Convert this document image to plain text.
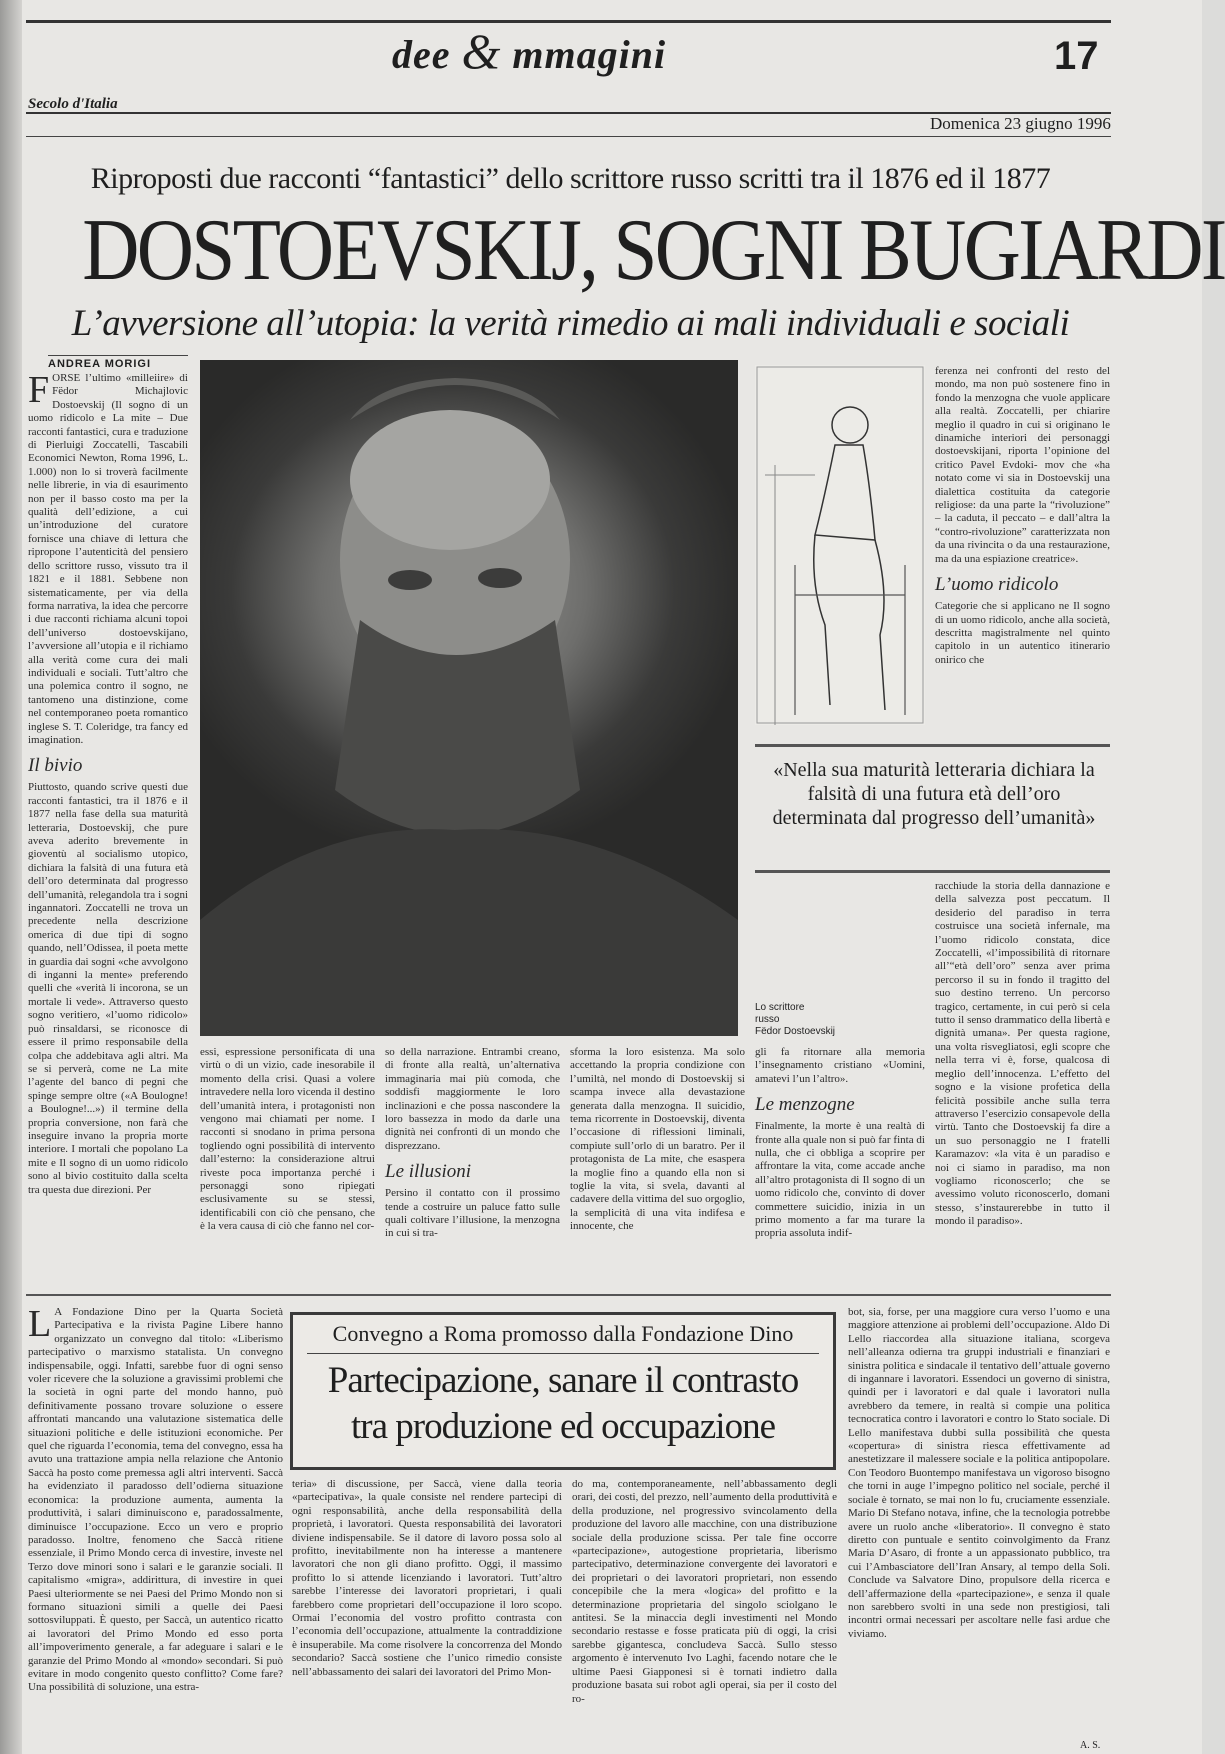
dee & mmagini	17
Secolo d'Italia
Domenica 23 giugno 1996
Riproposti due racconti “fantastici” dello scrittore russo scritti tra il 1876 ed il 1877
DOSTOEVSKIJ, SOGNI BUGIARDI
L’avversione all’utopia: la verità rimedio ai mali individuali e sociali
ANDREA MORIGI

FORSE l’ultimo «milleiire» di Fëdor Michajlovic Dostoevskij (Il sogno di un uomo ridicolo e La mite – Due racconti fantastici, cura e traduzione di Pierluigi Zoccatelli, Tascabili Economici Newton, Roma 1996, L. 1.000) non lo si troverà facilmente nelle librerie, in via di esaurimento non per il basso costo ma per la qualità dell’edizione, a cui un’introduzione del curatore fornisce una chiave di lettura che ripropone l’autenticità del pensiero dello scrittore russo, vissuto tra il 1821 e il 1881. Sebbene non sistematicamente, per via della forma narrativa, la idea che percorre i due racconti richiama alcuni topoi dell’universo dostoevskijano, l’avversione all’utopia e il richiamo alla verità come cura dei mali individuali e sociali. Tutt’altro che una polemica contro il sogno, ne tantomeno una distinzione, come nel contemporaneo poeta romantico inglese S. T. Coleridge, tra fancy ed imagination.

Il bivio

Piuttosto, quando scrive questi due racconti fantastici, tra il 1876 e il 1877 nella fase della sua maturità letteraria, Dostoevskij, che pure aveva aderito brevemente in gioventù al socialismo utopico, dichiara la falsità di una futura età dell’oro determinata dal progresso dell’umanità, relegandola tra i sogni ingannatori. Zoccatelli ne trova un precedente nella descrizione omerica di due tipi di sogno quando, nell’Odissea, il poeta mette in guardia dai sogni «che avvolgono di inganni la mente» preferendo quelli che «verità li incorona, se un mortale li vede». Attraverso questo sogno veritiero, «l’uomo ridicolo» può rinsaldarsi, se riconosce di essere il primo responsabile della colpa che addebitava agli altri. Ma se si perverà, come ne La mite l’agente del banco di pegni che spinge sempre oltre («A Boulogne! a Boulogne!...») il termine della propria conversione, non farà che inseguire invano la propria morte interiore. I mortali che popolano La mite e Il sogno di un uomo ridicolo sono al bivio costituito dalla scelta tra questa due direzioni. Per

ferenza nei confronti del resto del mondo, ma non può sostenere fino in fondo la menzogna che vuole applicare alla realtà. Zoccatelli, per chiarire meglio il quadro in cui si originano le dinamiche interiori dei personaggi dostoevskijani, riporta l’opinione del critico Pavel Evdoki- mov che «ha notato come vi sia in Dostoevskij una dialettica costituita da categorie religiose: da una parte la “rivoluzione” – la caduta, il peccato – e dall’altra la “contro-rivoluzione” caratterizzata non da una rivincita o da una restaurazione, ma da una espiazione creatrice».

L’uomo ridicolo

Categorie che si applicano ne Il sogno di un uomo ridicolo, anche alla società, descritta magistralmente nel quinto capitolo in un autentico itinerario onirico che

«Nella sua maturità letteraria dichiara la falsità di una futura età dell’oro determinata dal progresso dell’umanità»
Lo scrittore
russo
Fëdor Dostoevskij
racchiude la storia della dannazione e della salvezza post peccatum. Il desiderio del paradiso in terra costruisce una società infernale, ma l’uomo ridicolo constata, dice Zoccatelli, «l’impossibilità di ritornare all’“età dell’oro” senza aver prima percorso il su in fondo il tragitto del suo destino terreno. Un percorso tragico, certamente, in cui però si cela tutto il senso drammatico della libertà e dignità umana». Per questa ragione, una volta risvegliatosi, egli scopre che nella terra vi è, forse, qualcosa di meglio dell’innocenza. L’effetto del sogno e la visione profetica della felicità possibile anche sulla terra attraverso l’esercizio consapevole della virtù. Tanto che Dostoevskij fa dire a un suo personaggio ne I fratelli Karamazov: «la vita è un paradiso e noi ci siamo in paradiso, ma non vogliamo riconoscerlo; che se avessimo voluto riconoscerlo, domani stesso, s’instaurerebbe in tutto il mondo il paradiso».
essi, espressione personificata di una virtù o di un vizio, cade inesorabile il momento della crisi. Quasi a volere intravedere nella loro vicenda il destino dell’umanità intera, i protagonisti non vengono mai chiamati per nome. I racconti si snodano in prima persona togliendo ogni possibilità di intervento dall’esterno: la considerazione altrui riveste poca importanza perché i personaggi sono ripiegati esclusivamente su se stessi, identificabili con ciò che pensano, che è la vera causa di ciò che fanno nel cor-

so della narrazione. Entrambi creano, di fronte alla realtà, un’alternativa immaginaria mai più comoda, che soddisfi maggiormente le loro inclinazioni e che possa nascondere la loro bassezza in modo da darle una dignità nei confronti di un mondo che disprezzano.

Le illusioni

Persino il contatto con il prossimo tende a costruire un paluce fatto sulle quali coltivare l’illusione, la menzogna in cui si tra-

sforma la loro esistenza. Ma solo accettando la propria condizione con l’umiltà, nel mondo di Dostoevskij si scampa invece alla devastazione generata dalla menzogna. Il suicidio, tema ricorrente in Dostoevskij, diventa l’occasione di riflessioni liminali, compiute sull’orlo di un baratro. Per il protagonista de La mite, che esaspera la moglie fino a quando ella non si toglie la vita, si svela, davanti al cadavere della vittima del suo orgoglio, la semplicità di una vita indifesa e innocente, che

gli fa ritornare alla memoria l’insegnamento cristiano «Uomini, amatevi l’un l’altro».

Le menzogne

Finalmente, la morte è una realtà di fronte alla quale non si può far finta di nulla, che ci obbliga a scoprire per affrontare la vita, come accade anche all’altro protagonista di Il sogno di un uomo ridicolo che, convinto di dover commettere suicidio, inizia in un primo momento a far ma turare la propria assoluta indif-

L A Fondazione Dino per la Quarta Società Partecipativa e la rivista Pagine Libere hanno organizzato un convegno dal titolo: «Liberismo partecipativo o marxismo statalista. Un convegno indispensabile, oggi. Infatti, sarebbe fuor di ogni senso voler ricevere che la soluzione a gravissimi problemi che la società in ogni parte del mondo hanno, può definitivamente possano trovare soluzione o essere affrontati mancando una valutazione sistematica delle situazioni politiche e delle istituzioni economiche. Per quel che riguarda l’economia, tema del convegno, essa ha avuto una trattazione ampia nella relazione che Antonio Saccà ha posto come premessa agli altri interventi. Saccà ha evidenziato il paradosso dell’odierna situazione economica: la produzione aumenta, aumenta la produttività, i salari diminuiscono e, paradossalmente, diminuisce l’occupazione. Ecco un vero e proprio paradosso. Inoltre, fenomeno che Saccà ritiene essenziale, il Primo Mondo cerca di investire, investe nel Terzo dove minori sono i salari e le garanzie sociali. Il capitalismo «migra», addirittura, di investire in quei Paesi ulteriormente se nei Paesi del Primo Mondo non si formano situazioni simili a quelle dei Paesi sottosviluppati. È questo, per Saccà, un autentico ricatto ai lavoratori del Primo Mondo ed esso porta all’impoverimento generale, a far adeguare i salari e le garanzie del Primo Mondo al «mondo» secondari. Si può evitare in modo congenito questo conflitto? Come fare? Una possibilità di soluzione, una estra-

Convegno a Roma promosso dalla Fondazione Dino
Partecipazione, sanare il contrasto
tra produzione ed occupazione
teria» di discussione, per Saccà, viene dalla teoria «partecipativa», la quale consiste nel rendere partecipi di ogni responsabilità, anche della responsabilità della proprietà, i lavoratori. Questa responsabilità dei lavoratori diviene indispensabile. Se il datore di lavoro possa solo al profitto, inevitabilmente non ha interesse a mantenere lavoratori che non gli diano profitto. Oggi, il massimo profitto lo si attende licenziando i lavoratori. Tutt’altro sarebbe l’interesse dei lavoratori proprietari, i quali farebbero come proprietari dell’occupazione il loro scopo. Ormai l’economia del vostro profitto contrasta con l’economia dell’occupazione, attualmente la contraddizione è insuperabile. Ma come risolvere la concorrenza del Mondo secondario? Saccà sostiene che l’unico rimedio consiste nell’abbassamento dei salari dei lavoratori del Primo Mon-
do ma, contemporaneamente, nell’abbassamento degli orari, dei costi, del prezzo, nell’aumento della produttività e della produzione, nel progressivo svincolamento della produzione del lavoro alle macchine, con una distribuzione sociale della produzione scissa. Per tale fine occorre «partecipazione», autogestione proprietaria, liberismo partecipativo, determinazione convergente dei lavoratori e dei proprietari o dei lavoratori proprietari, non essendo concepibile che la mera «logica» del profitto e la determinazione proprietaria del singolo sciolgano le antitesi. Se la minaccia degli investimenti nel Mondo secondario restasse e fosse praticata più di oggi, la crisi sarebbe gigantesca, concludeva Saccà. Sullo stesso argomento è intervenuto Ivo Laghi, facendo notare che le ultime Paesi Giapponesi si è tornati indietro dalla produzione basata sui robot agli operai, sia per il costo del ro-
bot, sia, forse, per una maggiore cura verso l’uomo e una maggiore attenzione ai problemi dell’occupazione. Aldo Di Lello riaccordea alla situazione italiana, scorgeva nell’alleanza odierna tra gruppi industriali e finanziari e sinistra politica e sindacale il tentativo dell’attuale governo di ingannare i lavoratori. Essendoci un governo di sinistra, quindi per i lavoratori e dal quale i lavoratori nulla avrebbero da temere, in realtà si compie una politica tecnocratica contro i lavoratori e contro lo Stato sociale. Di Lello manifestava dubbi sulla possibilità che questa «copertura» di sinistra riesca effettivamente ad anestetizzare il malessere sociale e la politica antipopolare. Con Teodoro Buontempo manifestava un vigoroso bisogno che torni in auge l’impegno politico nel sociale, perché il sociale è tornato, se mai non lo fu, cruciamente essenziale. Mario Di Stefano notava, infine, che la tecnologia potrebbe avere un ruolo anche «liberatorio». Il convegno è stato diretto con puntuale e sentito coinvolgimento da Franz Maria D’Asaro, di fronte a un appassionato pubblico, tra cui l’Ambasciatore dell’Iran Ansary, al tempo della Soli. Conclude va Salvatore Dino, propulsore della ricerca e dell’affermazione della «partecipazione», e senza il quale non sarebbero svolti in una sede non prestigiosi, tali incontri ormai necessari per ascoltare nelle fasi ardue che viviamo.
A. S.
